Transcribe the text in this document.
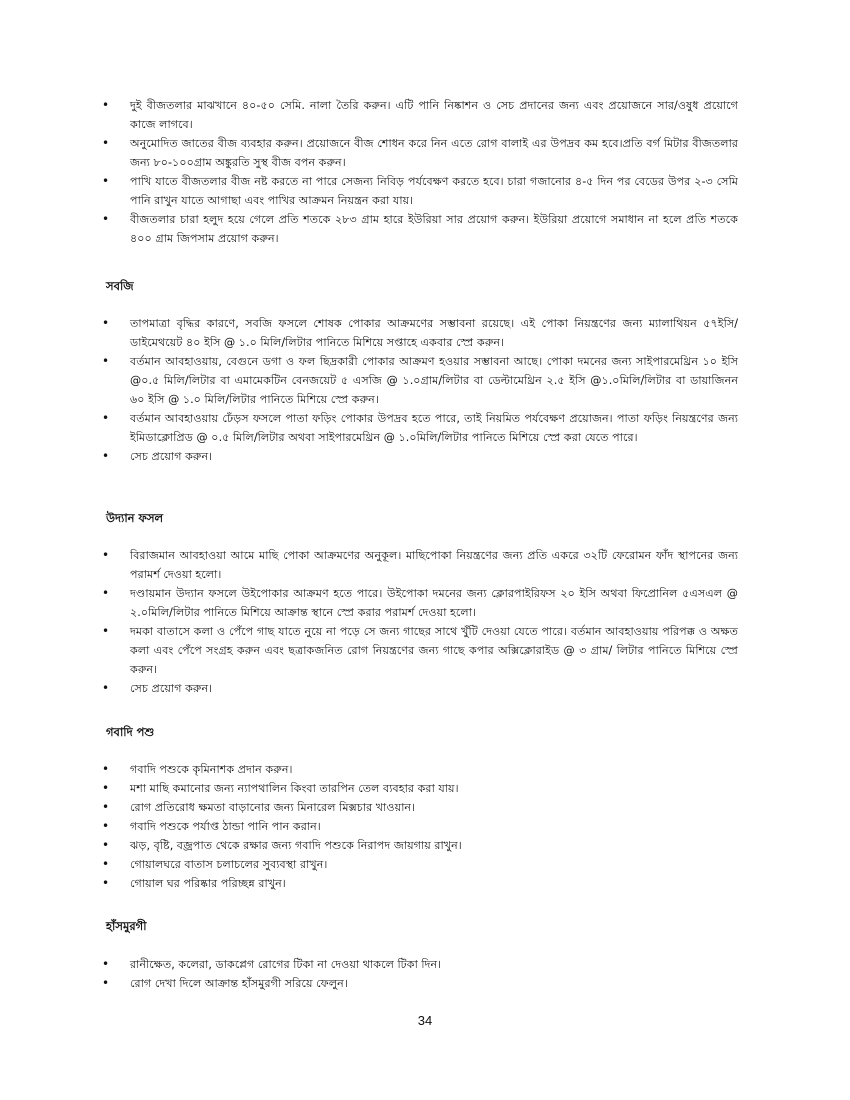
• দুই বীজতলার মাঝখানে ৪০-৫০ সেমি. নালা তৈরি করুন। এটি পানি নিষ্কাশন ও সেচ প্রদানের জন্য এবং প্রয়োজনে সার/ওষুধ প্রয়োগে কাজে লাগবে।
• অনুমোদিত জাতের বীজ ব্যবহার করুন। প্রয়োজনে বীজ শোধন করে নিন এতে রোগ বালাই এর উপদ্রব কম হবে।প্রতি বর্গ মিটার বীজতলার জন্য ৮০-১০০গ্রাম অঙ্কুরতি সুস্থ বীজ বপন করুন।
• পাখি যাতে বীজতলার বীজ নষ্ট করতে না পারে সেজন্য নিবিড় পর্যবেক্ষণ করতে হবে। চারা গজানোর ৪-৫ দিন পর বেডের উপর ২-৩ সেমি পানি রাখুন যাতে আগাছা এবং পাখির আক্রমন নিয়ন্ত্রন করা যায়।
• বীজতলার চারা হলুদ হয়ে গেলে প্রতি শতকে ২৮৩ গ্রাম হারে ইউরিয়া সার প্রয়োগ করুন। ইউরিয়া প্রয়োগে সমাধান না হলে প্রতি শতকে ৪০০ গ্রাম জিপসাম প্রয়োগ করুন।
সবজি
• তাপমাত্রা বৃদ্ধির কারণে, সবজি ফসলে শোষক পোকার আক্রমণের সম্ভাবনা রয়েছে। এই পোকা নিয়ন্ত্রণের জন্য ম্যালাথিয়ন ৫৭ইসি/ডাইমেথয়েট ৪০ ইসি @ ১.০ মিলি/লিটার পানিতে মিশিয়ে সপ্তাহে একবার স্প্রে করুন।
• বর্তমান আবহাওয়ায়, বেগুনে ডগা ও ফল ছিদ্রকারী পোকার আক্রমণ হওয়ার সম্ভাবনা আছে। পোকা দমনের জন্য সাইপারমেথ্রিন ১০ ইসি @০.৫ মিলি/লিটার বা এমামেকটিন বেনজয়েট ৫ এসজি @ ১.০গ্রাম/লিটার বা ডেল্টামেথ্রিন ২.৫ ইসি @১.০মিলি/লিটার বা ডায়াজিনন ৬০ ইসি @ ১.০ মিলি/লিটার পানিতে মিশিয়ে স্প্রে করুন।
• বর্তমান আবহাওয়ায় ঢেঁড়স ফসলে পাতা ফড়িং পোকার উপদ্রব হতে পারে, তাই নিয়মিত পর্যবেক্ষণ প্রয়োজন। পাতা ফড়িং নিয়ন্ত্রণের জন্য ইমিডাক্লোপ্রিড @ ০.৫ মিলি/লিটার অথবা সাইপারমেথ্রিন @ ১.০মিলি/লিটার পানিতে মিশিয়ে স্প্রে করা যেতে পারে।
• সেচ প্রয়োগ করুন।
উদ্যান ফসল
• বিরাজমান আবহাওয়া আমে মাছি পোকা আক্রমণের অনুকূল। মাছিপোকা নিয়ন্ত্রণের জন্য প্রতি একরে ৩২টি ফেরোমন ফাঁদ স্থাপনের জন্য পরামর্শ দেওয়া হলো।
• দণ্ডায়মান উদ্যান ফসলে উইপোকার আক্রমণ হতে পারে। উইপোকা দমনের জন্য ক্লোরপাইরিফস ২০ ইসি অথবা ফিপ্রোনিল ৫এসএল @ ২.০মিলি/লিটার পানিতে মিশিয়ে আক্রান্ত স্থানে স্প্রে করার পরামর্শ দেওয়া হলো।
• দমকা বাতাসে কলা ও পেঁপে গাছ যাতে নুয়ে না পড়ে সে জন্য গাছের সাথে খুঁটি দেওয়া যেতে পারে। বর্তমান আবহাওয়ায় পরিপক্ক ও অক্ষত কলা এবং পেঁপে সংগ্রহ করুন এবং ছত্রাকজনিত রোগ নিয়ন্ত্রণের জন্য গাছে কপার অক্সিক্লোরাইড @ ৩ গ্রাম/ লিটার পানিতে মিশিয়ে স্প্রে করুন।
• সেচ প্রয়োগ করুন।
গবাদি পশু
• গবাদি পশুকে কৃমিনাশক প্রদান করুন।
• মশা মাছি কমানোর জন্য ন্যাপথালিন কিংবা তারপিন তেল ব্যবহার করা যায়।
• রোগ প্রতিরোধ ক্ষমতা বাড়ানোর জন্য মিনারেল মিক্সচার খাওয়ান।
• গবাদি পশুকে পর্যাপ্ত ঠান্ডা পানি পান করান।
• ঝড়, বৃষ্টি, বজ্রপাত থেকে রক্ষার জন্য গবাদি পশুকে নিরাপদ জায়গায় রাখুন।
• গোয়ালঘরে বাতাস চলাচলের সুব্যবস্থা রাখুন।
• গোয়াল ঘর পরিষ্কার পরিচ্ছন্ন রাখুন।
হাঁসমুরগী
• রানীক্ষেত, কলেরা, ডাকপ্লেগ রোগের টিকা না দেওয়া থাকলে টিকা দিন।
• রোগ দেখা দিলে আক্রান্ত হাঁসমুরগী সরিয়ে ফেলুন।
34
